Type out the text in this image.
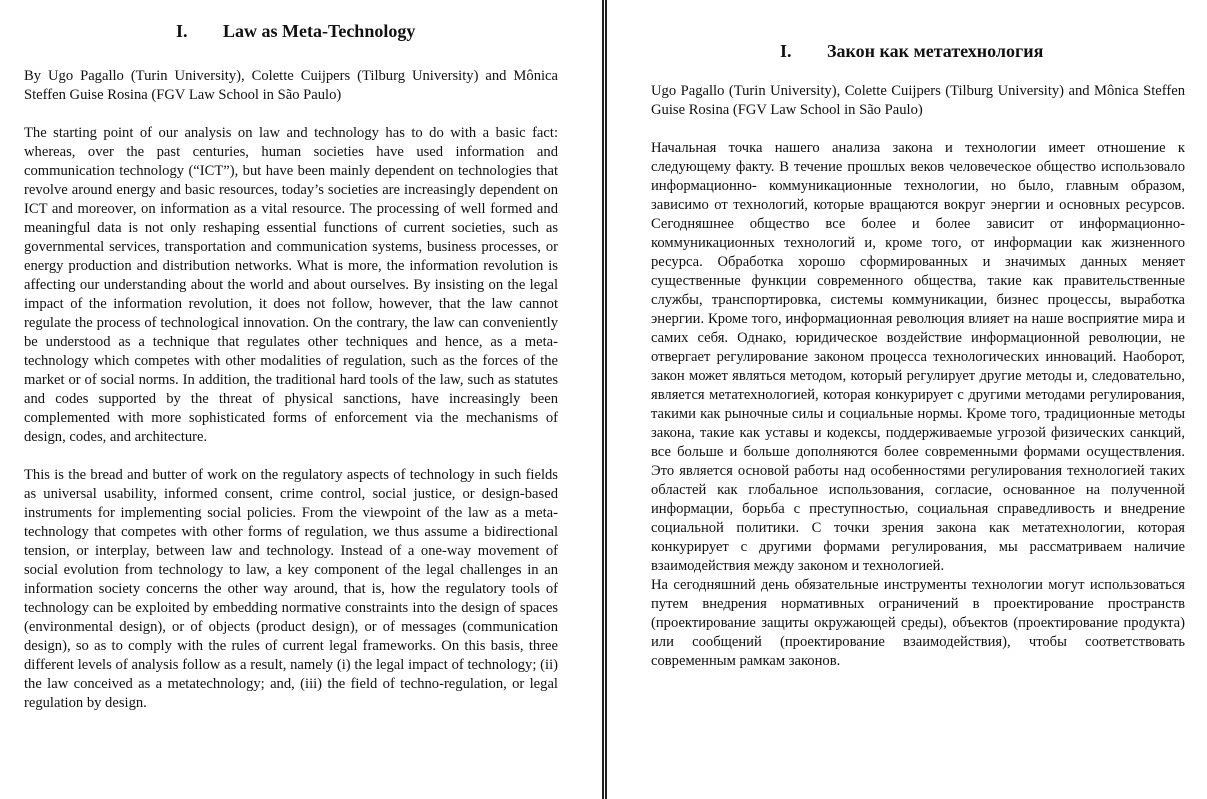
I. Law as Meta-Technology

By Ugo Pagallo (Turin University), Colette Cuijpers (Tilburg University) and Mônica Steffen Guise Rosina (FGV Law School in São Paulo)

The starting point of our analysis on law and technology has to do with a basic fact: whereas, over the past centuries, human societies have used information and communication technology (“ICT”), but have been mainly dependent on technologies that revolve around energy and basic resources, today’s societies are increasingly dependent on ICT and moreover, on information as a vital resource. The processing of well formed and meaningful data is not only reshaping essential functions of current societies, such as governmental services, transportation and communication systems, business processes, or energy production and distribution networks. What is more, the information revolution is affecting our understanding about the world and about ourselves. By insisting on the legal impact of the information revolution, it does not follow, however, that the law cannot regulate the process of technological innovation. On the contrary, the law can conveniently be understood as a technique that regulates other techniques and hence, as a meta-technology which competes with other modalities of regulation, such as the forces of the market or of social norms. In addition, the traditional hard tools of the law, such as statutes and codes supported by the threat of physical sanctions, have increasingly been complemented with more sophisticated forms of enforcement via the mechanisms of design, codes, and architecture.

This is the bread and butter of work on the regulatory aspects of technology in such fields as universal usability, informed consent, crime control, social justice, or design-based instruments for implementing social policies. From the viewpoint of the law as a meta-technology that competes with other forms of regulation, we thus assume a bidirectional tension, or interplay, between law and technology. Instead of a one-way movement of social evolution from technology to law, a key component of the legal challenges in an information society concerns the other way around, that is, how the regulatory tools of technology can be exploited by embedding normative constraints into the design of spaces (environmental design), or of objects (product design), or of messages (communication design), so as to comply with the rules of current legal frameworks. On this basis, three different levels of analysis follow as a result, namely (i) the legal impact of technology; (ii) the law conceived as a metatechnology; and, (iii) the field of techno-regulation, or legal regulation by design.

I. Закон как метатехнология

Ugo Pagallo (Turin University), Colette Cuijpers (Tilburg University) and Mônica Steffen Guise Rosina (FGV Law School in São Paulo)

Начальная точка нашего анализа закона и технологии имеет отношение к следующему факту. В течение прошлых веков человеческое общество использовало информационно- коммуникационные технологии, но было, главным образом, зависимо от технологий, которые вращаются вокруг энергии и основных ресурсов. Сегодняшнее общество все более и более зависит от информационно-коммуникационных технологий и, кроме того, от информации как жизненного ресурса. Обработка хорошо сформированных и значимых данных меняет существенные функции современного общества, такие как правительственные службы, транспортировка, системы коммуникации, бизнес процессы, выработка энергии. Кроме того, информационная революция влияет на наше восприятие мира и самих себя. Однако, юридическое воздействие информационной революции, не отвергает регулирование законом процесса технологических инноваций. Наоборот, закон может являться методом, который регулирует другие методы и, следовательно, является метатехнологией, которая конкурирует с другими методами регулирования, такими как рыночные силы и социальные нормы. Кроме того, традиционные методы закона, такие как уставы и кодексы, поддерживаемые угрозой физических санкций, все больше и больше дополняются более современными формами осуществления. Это является основой работы над особенностями регулирования технологией таких областей как глобальное использования, согласие, основанное на полученной информации, борьба с преступностью, социальная справедливость и внедрение социальной политики. С точки зрения закона как метатехнологии, которая конкурирует с другими формами регулирования, мы рассматриваем наличие взаимодействия между законом и технологией.

На сегодняшний день обязательные инструменты технологии могут использоваться путем внедрения нормативных ограничений в проектирование пространств (проектирование защиты окружающей среды), объектов (проектирование продукта) или сообщений (проектирование взаимодействия), чтобы соответствовать современным рамкам законов.
